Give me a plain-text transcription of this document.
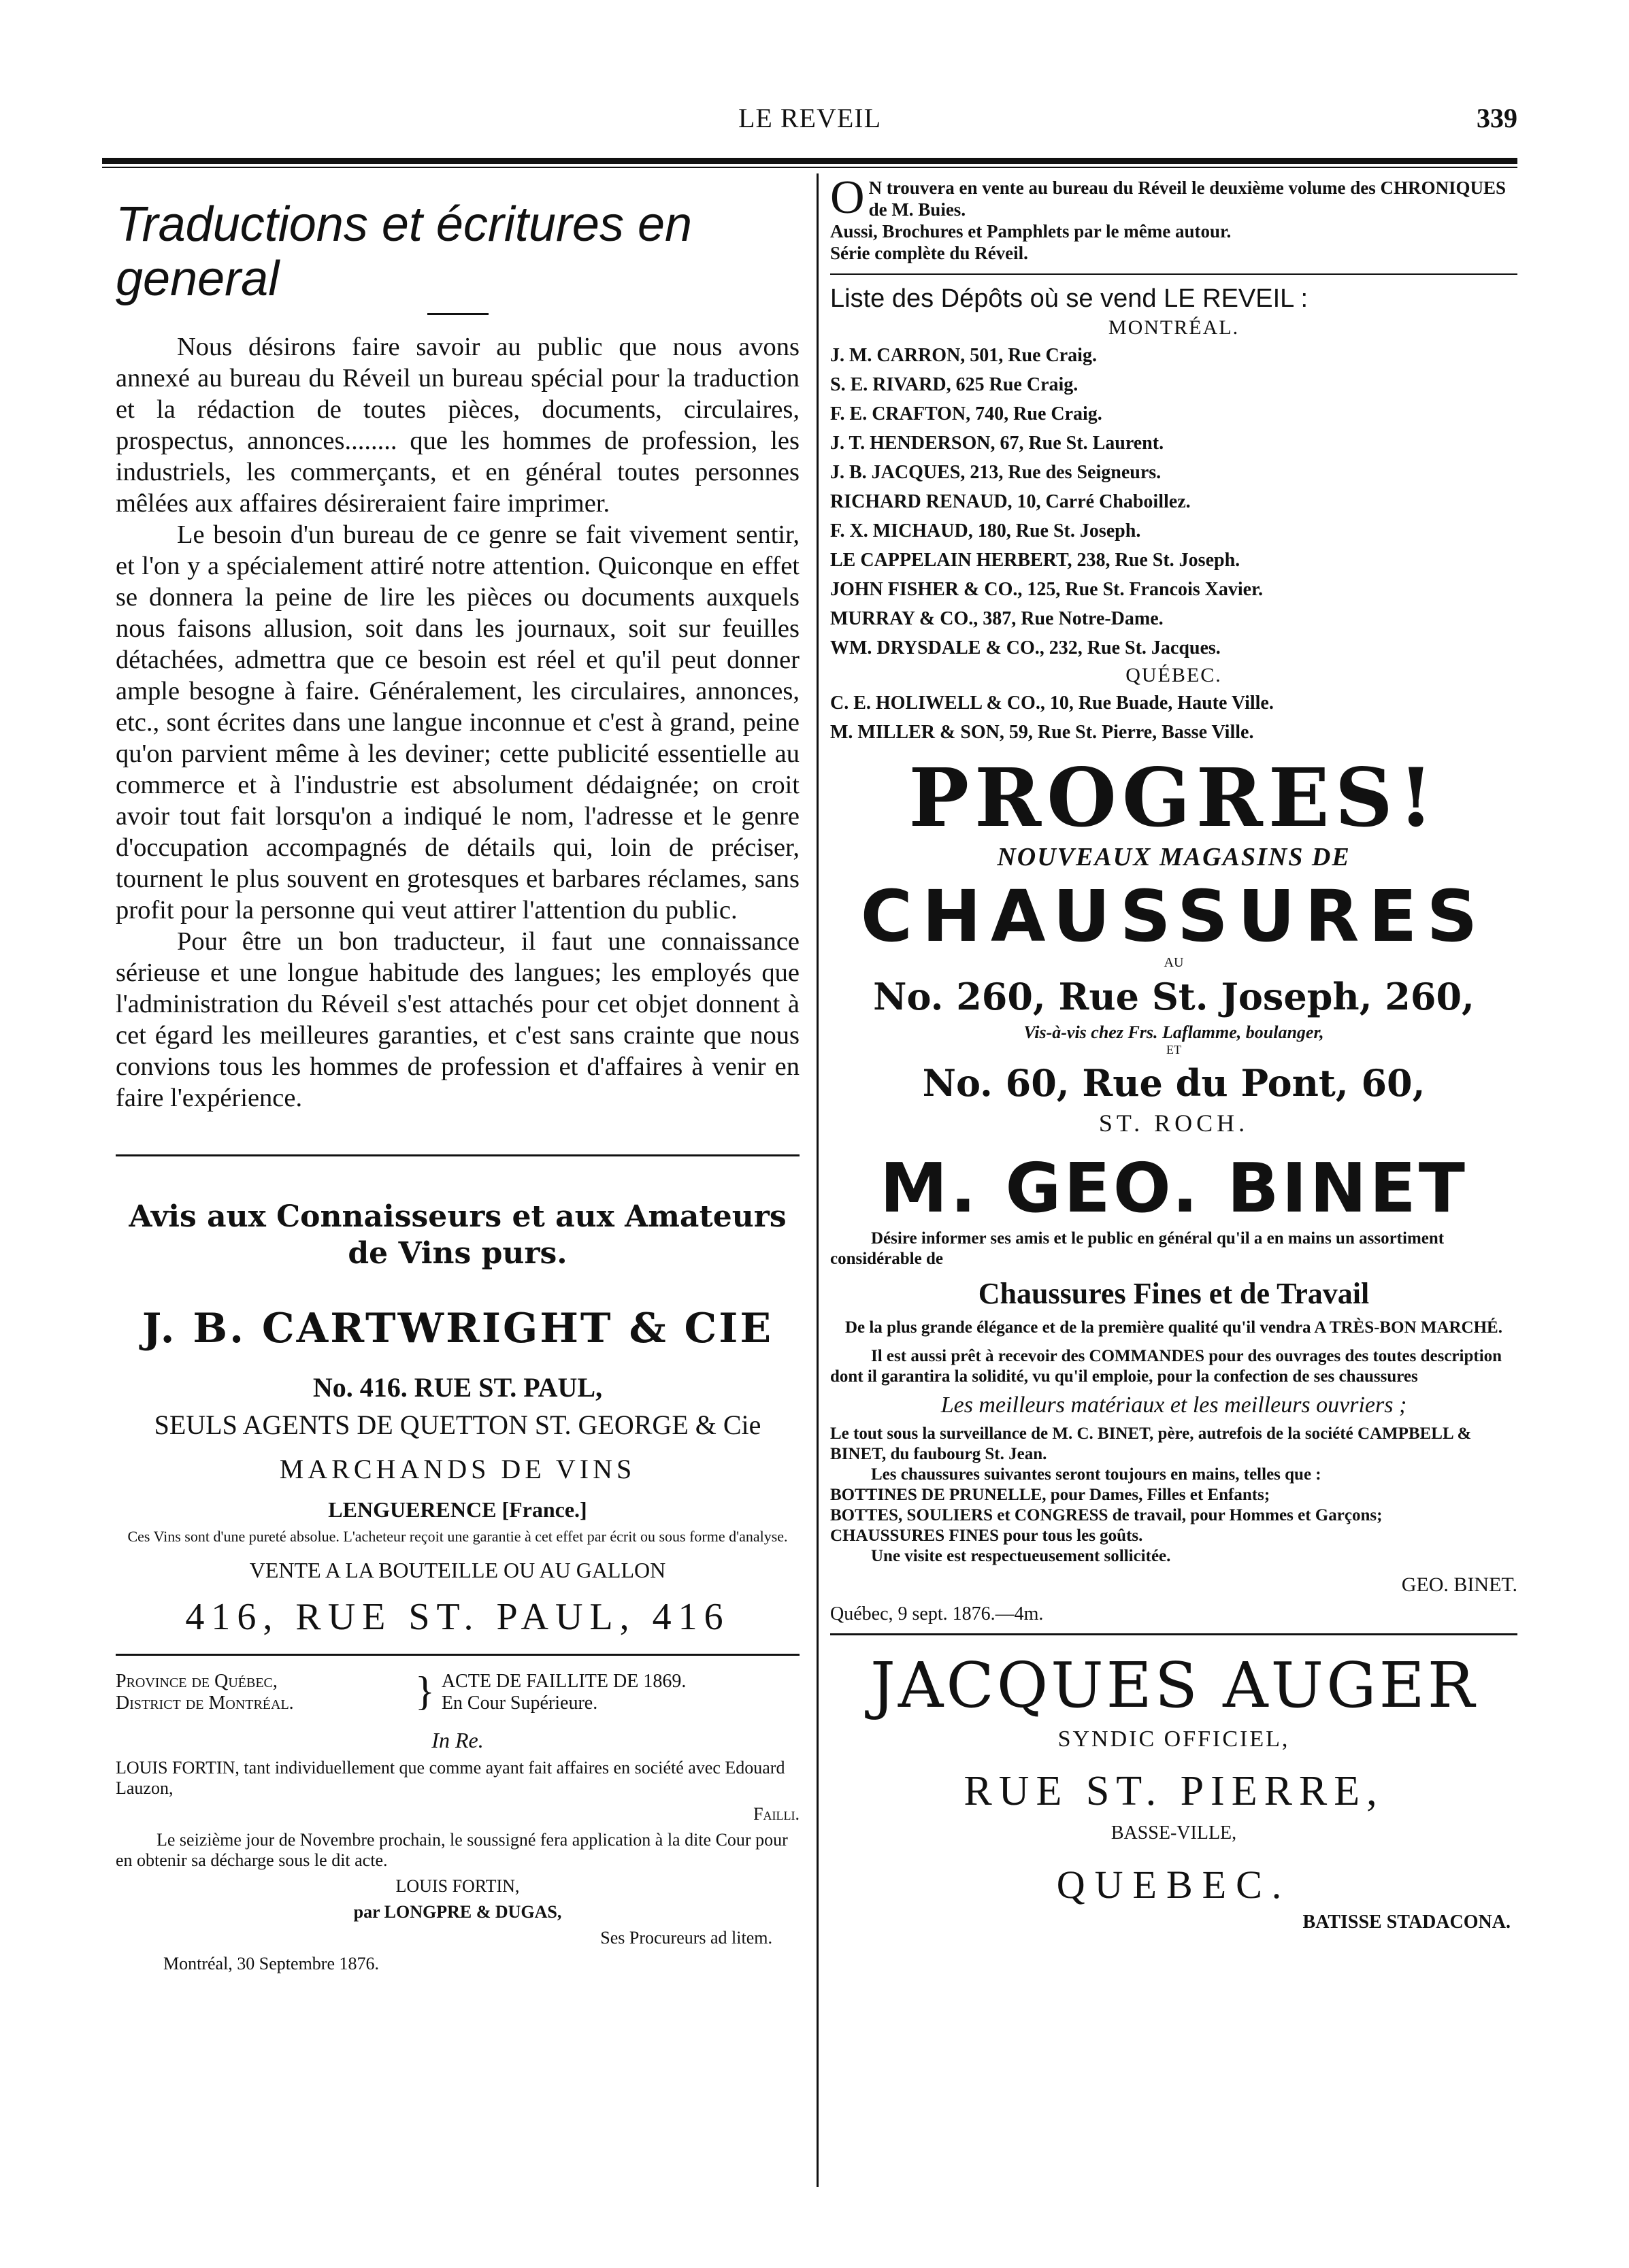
LE REVEIL	339
Traductions et écritures en general

Nous désirons faire savoir au public que nous avons annexé au bureau du Réveil un bureau spécial pour la traduction et la rédaction de toutes pièces, documents, circulaires, prospectus, annonces........ que les hommes de profession, les industriels, les commerçants, et en général toutes personnes mêlées aux affaires désireraient faire imprimer.

Le besoin d'un bureau de ce genre se fait vivement sentir, et l'on y a spécialement attiré notre attention. Quiconque en effet se donnera la peine de lire les pièces ou documents auxquels nous faisons allusion, soit dans les journaux, soit sur feuilles détachées, admettra que ce besoin est réel et qu'il peut donner ample besogne à faire. Généralement, les circulaires, annonces, etc., sont écrites dans une langue inconnue et c'est à grand, peine qu'on parvient même à les deviner; cette publicité essentielle au commerce et à l'industrie est absolument dédaignée; on croit avoir tout fait lorsqu'on a indiqué le nom, l'adresse et le genre d'occupation accompagnés de détails qui, loin de préciser, tournent le plus souvent en grotesques et barbares réclames, sans profit pour la personne qui veut attirer l'attention du public.

Pour être un bon traducteur, il faut une connaissance sérieuse et une longue habitude des langues; les employés que l'administration du Réveil s'est attachés pour cet objet donnent à cet égard les meilleures garanties, et c'est sans crainte que nous convions tous les hommes de profession et d'affaires à venir en faire l'expérience.

Avis aux Connaisseurs et aux Amateurs de Vins purs.

J. B. CARTWRIGHT & CIE
No. 416. RUE ST. PAUL,
SEULS AGENTS DE QUETTON ST. GEORGE & Cie
MARCHANDS DE VINS
LENGUERENCE [France.]
Ces Vins sont d'une pureté absolue. L'acheteur reçoit une garantie à cet effet par écrit ou sous forme d'analyse.
VENTE A LA BOUTEILLE OU AU GALLON
416, RUE ST. PAUL, 416
Province de Québec,
District de Montréal.	} ACTE DE FAILLITE DE 1869.
En Cour Supérieure.
In Re.

LOUIS FORTIN, tant individuellement que comme ayant fait affaires en société avec Edouard Lauzon,

Failli.

Le seizième jour de Novembre prochain, le soussigné fera application à la dite Cour pour en obtenir sa décharge sous le dit acte.

LOUIS FORTIN,

par LONGPRE & DUGAS,

Ses Procureurs ad litem.

Montréal, 30 Septembre 1876.

O N trouvera en vente au bureau du Réveil le deuxième volume des CHRONIQUES de M. Buies.
Aussi, Brochures et Pamphlets par le même autour.
Série complète du Réveil.
Liste des Dépôts où se vend LE REVEIL :
MONTRÉAL.

J. M. CARRON, 501, Rue Craig.

S. E. RIVARD, 625 Rue Craig.

F. E. CRAFTON, 740, Rue Craig.

J. T. HENDERSON, 67, Rue St. Laurent.

J. B. JACQUES, 213, Rue des Seigneurs.

RICHARD RENAUD, 10, Carré Chaboillez.

F. X. MICHAUD, 180, Rue St. Joseph.

LE CAPPELAIN HERBERT, 238, Rue St. Joseph.

JOHN FISHER & CO., 125, Rue St. Francois Xavier.

MURRAY & CO., 387, Rue Notre-Dame.

WM. DRYSDALE & CO., 232, Rue St. Jacques.

QUÉBEC.

C. E. HOLIWELL & CO., 10, Rue Buade, Haute Ville.

M. MILLER & SON, 59, Rue St. Pierre, Basse Ville.

PROGRES!
NOUVEAUX MAGASINS DE
CHAUSSURES
AU
No. 260, Rue St. Joseph, 260,
Vis-à-vis chez Frs. Laflamme, boulanger,
ET
No. 60, Rue du Pont, 60,
ST. ROCH.
M. GEO. BINET

Désire informer ses amis et le public en général qu'il a en mains un assortiment considérable de

Chaussures Fines et de Travail

De la plus grande élégance et de la première qualité qu'il vendra A TRÈS-BON MARCHÉ.

Il est aussi prêt à recevoir des COMMANDES pour des ouvrages des toutes description dont il garantira la solidité, vu qu'il emploie, pour la confection de ses chaussures

Les meilleurs matériaux et les meilleurs ouvriers ;

Le tout sous la surveillance de M. C. BINET, père, autrefois de la société CAMPBELL & BINET, du faubourg St. Jean.

Les chaussures suivantes seront toujours en mains, telles que :

BOTTINES DE PRUNELLE, pour Dames, Filles et Enfants;

BOTTES, SOULIERS et CONGRESS de travail, pour Hommes et Garçons;

CHAUSSURES FINES pour tous les goûts.

Une visite est respectueusement sollicitée.

GEO. BINET.
Québec, 9 sept. 1876.—4m.
JACQUES AUGER
SYNDIC OFFICIEL,
RUE ST. PIERRE,
BASSE-VILLE,
QUEBEC.
BATISSE STADACONA.
